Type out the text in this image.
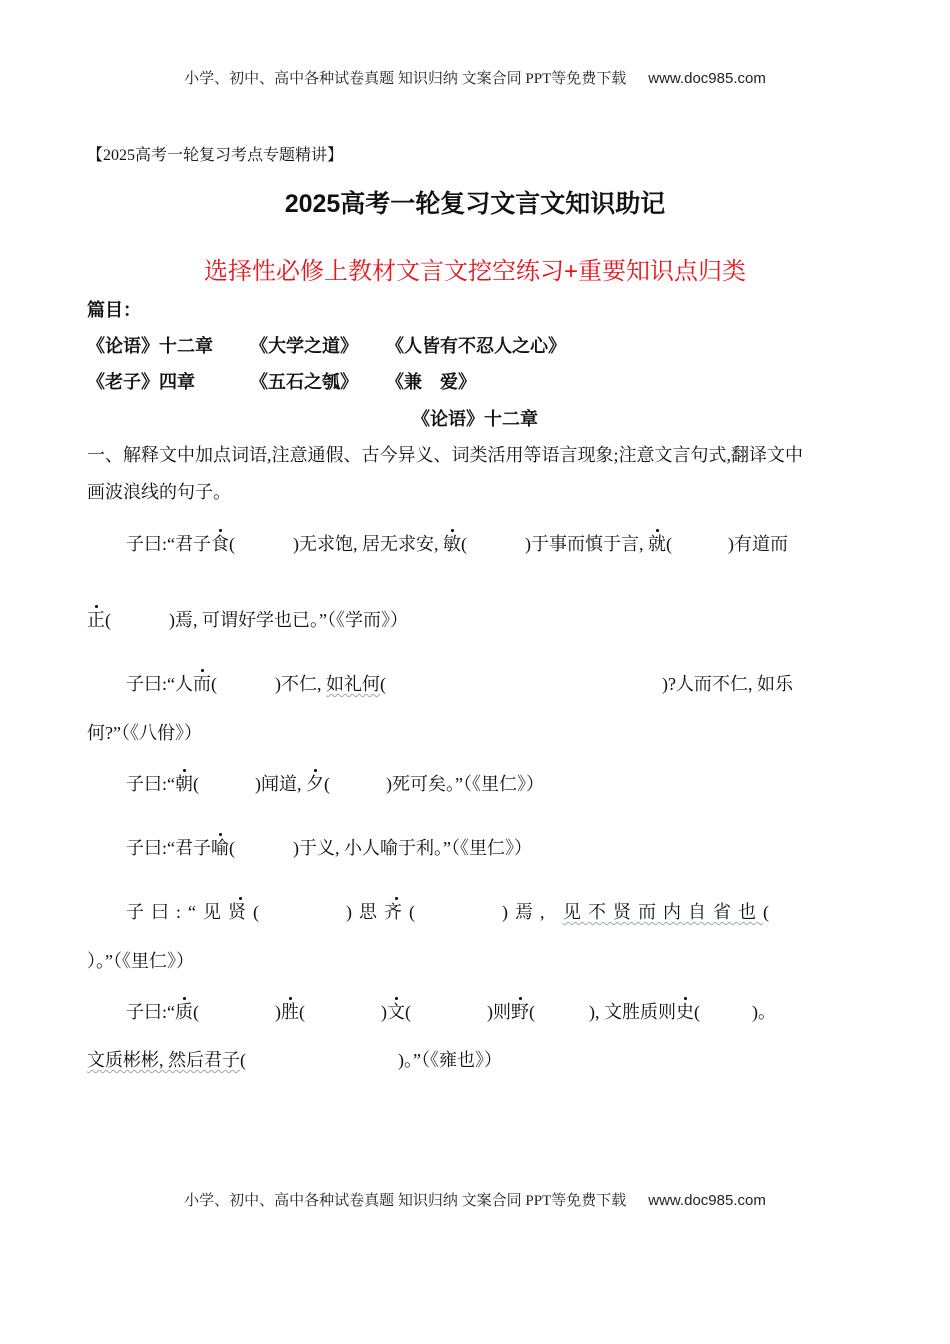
小学、初中、高中各种试卷真题 知识归纳 文案合同 PPT等免费下载 www.doc985.com
【2025高考一轮复习考点专题精讲】
2025高考一轮复习文言文知识助记
选择性必修上教材文言文挖空练习+重要知识点归类
篇目：
《论语》十二章 《大学之道》 《人皆有不忍人之心》
《老子》四章	《五石之瓠》 《兼　爱》
《论语》十二章
一、解释文中加点词语,注意通假、古今异义、词类活用等语言现象;注意文言句式,翻译文中
画波浪线的句子。
子曰:“君子食(	)无求饱, 居无求安, 敏(	)于事而慎于言, 就(	)有道而
正(	)焉, 可谓好学也已。”（《学而》）
子曰:“人而(	)不仁, 如礼何(	)?人而不仁, 如乐
何?”（《八佾》）
子曰:“朝(	)闻道, 夕(	)死可矣。”（《里仁》）
子曰:“君子喻(	)于义, 小人喻于利。”（《里仁》）
子曰:“见贤(	)思齐(	)焉, 见不贤而内自省也(
）。”（《里仁》）
子曰:“质(	)胜(	)文(	)则野(	), 文胜质则史(	)。
文质彬彬, 然后君子(	)。”（《雍也》）
小学、初中、高中各种试卷真题 知识归纳 文案合同 PPT等免费下载 www.doc985.com
